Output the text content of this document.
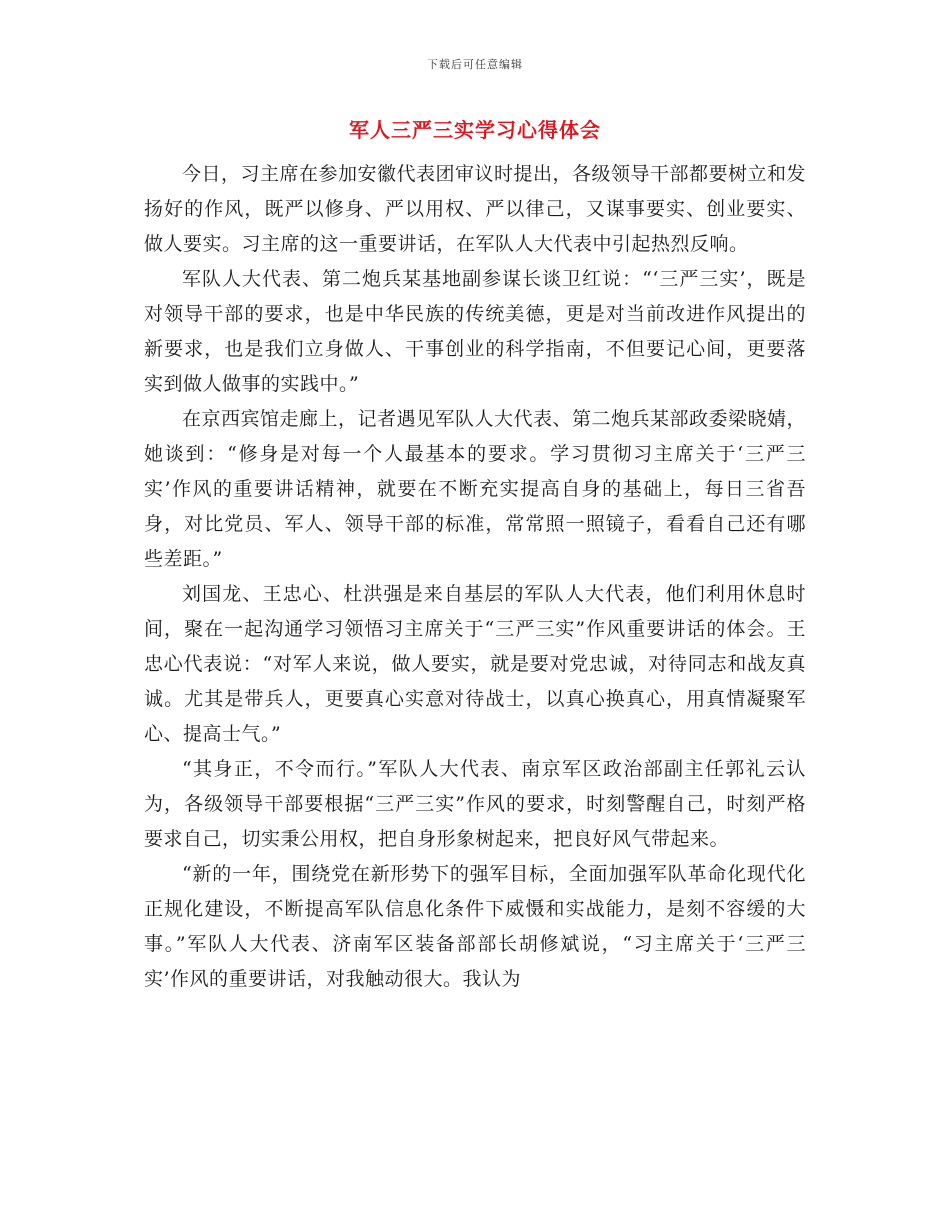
下载后可任意编辑
军人三严三实学习心得体会

今日，习主席在参加安徽代表团审议时提出，各级领导干部都要树立和发扬好的作风，既严以修身、严以用权、严以律己，又谋事要实、创业要实、做人要实。习主席的这一重要讲话，在军队人大代表中引起热烈反响。

军队人大代表、第二炮兵某基地副参谋长谈卫红说：“‘三严三实’，既是对领导干部的要求，也是中华民族的传统美德，更是对当前改进作风提出的新要求，也是我们立身做人、干事创业的科学指南，不但要记心间，更要落实到做人做事的实践中。”

在京西宾馆走廊上，记者遇见军队人大代表、第二炮兵某部政委梁晓婧，她谈到：“修身是对每一个人最基本的要求。学习贯彻习主席关于‘三严三实’作风的重要讲话精神，就要在不断充实提高自身的基础上，每日三省吾身，对比党员、军人、领导干部的标准，常常照一照镜子，看看自己还有哪些差距。”

刘国龙、王忠心、杜洪强是来自基层的军队人大代表，他们利用休息时间，聚在一起沟通学习领悟习主席关于“三严三实”作风重要讲话的体会。王忠心代表说：“对军人来说，做人要实，就是要对党忠诚，对待同志和战友真诚。尤其是带兵人，更要真心实意对待战士，以真心换真心，用真情凝聚军心、提高士气。”

“其身正，不令而行。”军队人大代表、南京军区政治部副主任郭礼云认为，各级领导干部要根据“三严三实”作风的要求，时刻警醒自己，时刻严格要求自己，切实秉公用权，把自身形象树起来，把良好风气带起来。

“新的一年，围绕党在新形势下的强军目标，全面加强军队革命化现代化正规化建设，不断提高军队信息化条件下威慑和实战能力，是刻不容缓的大事。”军队人大代表、济南军区装备部部长胡修斌说，“习主席关于‘三严三实’作风的重要讲话，对我触动很大。我认为
